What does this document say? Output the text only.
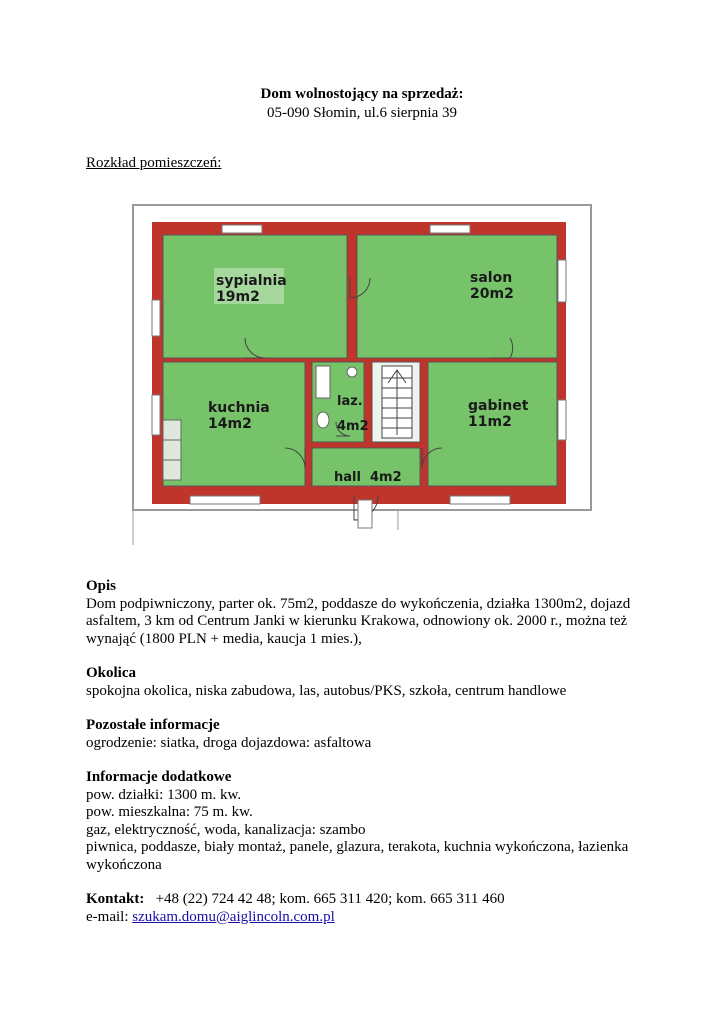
Dom wolnostojący na sprzedaż:
05-090 Słomin, ul.6 sierpnia 39
Rozkład pomieszczeń:
sypialnia
19m2
salon
20m2
kuchnia
14m2
laz.
4m2
gabinet
11m2
hall 4m2
Opis
Dom podpiwniczony, parter ok. 75m2, poddasze do wykończenia, działka 1300m2, dojazd asfaltem, 3 km od Centrum Janki w kierunku Krakowa, odnowiony ok. 2000 r., można też wynająć (1800 PLN + media, kaucja 1 mies.),
Okolica
spokojna okolica, niska zabudowa, las, autobus/PKS, szkoła, centrum handlowe
Pozostałe informacje
ogrodzenie: siatka, droga dojazdowa: asfaltowa
Informacje dodatkowe
pow. działki: 1300 m. kw.
pow. mieszkalna: 75 m. kw.
gaz, elektryczność, woda, kanalizacja: szambo
piwnica, poddasze, biały montaż, panele, glazura, terakota, kuchnia wykończona, łazienka wykończona
Kontakt: +48 (22) 724 42 48; kom. 665 311 420; kom. 665 311 460
e-mail: szukam.domu@aiglincoln.com.pl
